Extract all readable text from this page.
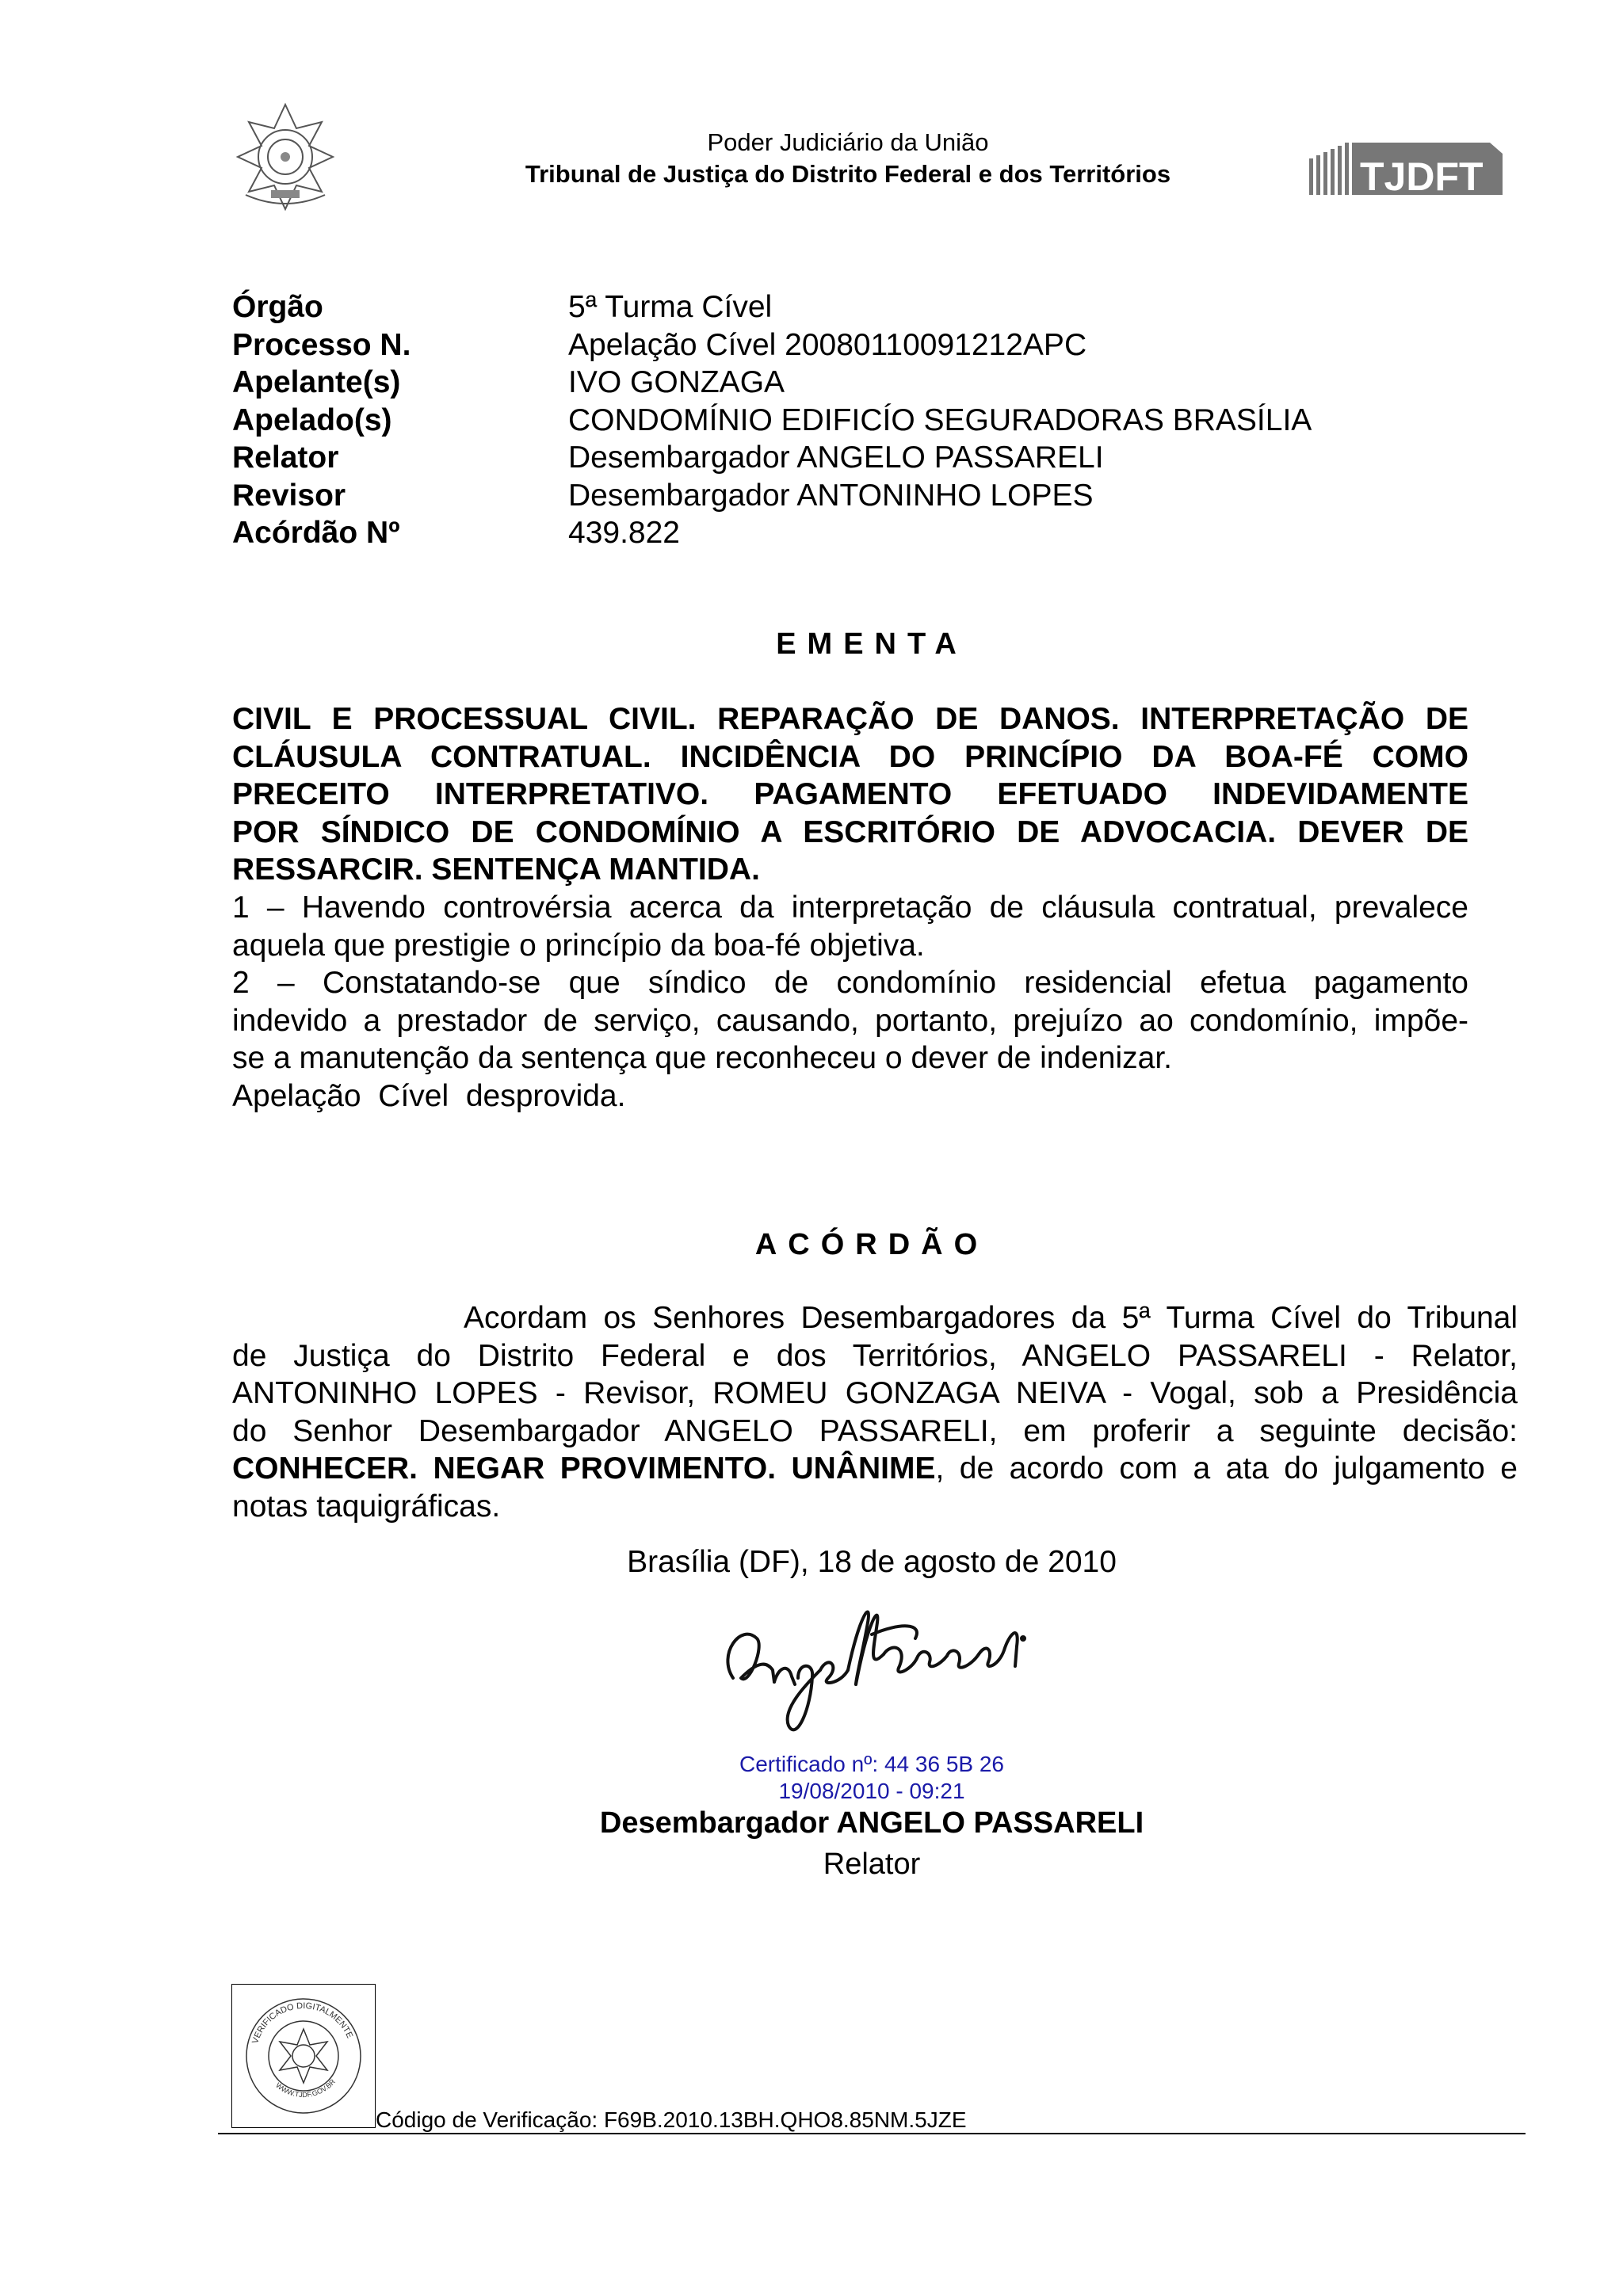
Poder Judiciário da União
Tribunal de Justiça do Distrito Federal e dos Territórios	TJDFT
Órgão	5ª Turma Cível
Processo N.	Apelação Cível 20080110091212APC
Apelante(s)	IVO GONZAGA
Apelado(s)	CONDOMÍNIO EDIFICÍO SEGURADORAS BRASÍLIA
Relator	Desembargador ANGELO PASSARELI
Revisor	Desembargador ANTONINHO LOPES
Acórdão Nº	439.822
EMENTA

CIVIL E PROCESSUAL CIVIL. REPARAÇÃO DE DANOS. INTERPRETAÇÃO DE

CLÁUSULA CONTRATUAL. INCIDÊNCIA DO PRINCÍPIO DA BOA-FÉ COMO

PRECEITO INTERPRETATIVO. PAGAMENTO EFETUADO INDEVIDAMENTE

POR SÍNDICO DE CONDOMÍNIO A ESCRITÓRIO DE ADVOCACIA. DEVER DE

RESSARCIR. SENTENÇA MANTIDA.

1 – Havendo controvérsia acerca da interpretação de cláusula contratual, prevalece

aquela que prestigie o princípio da boa-fé objetiva.

2 – Constatando-se que síndico de condomínio residencial efetua pagamento

indevido a prestador de serviço, causando, portanto, prejuízo ao condomínio, impõe-

se a manutenção da sentença que reconheceu o dever de indenizar.

Apelação  Cível  desprovida.

ACÓRDÃO

Acordam os Senhores Desembargadores da 5ª Turma Cível do Tribunal

de Justiça do Distrito Federal e dos Territórios, ANGELO PASSARELI - Relator,

ANTONINHO LOPES - Revisor, ROMEU GONZAGA NEIVA - Vogal, sob a Presidência

do Senhor Desembargador ANGELO PASSARELI, em proferir a seguinte decisão:

CONHECER. NEGAR PROVIMENTO. UNÂNIME, de acordo com a ata do julgamento e

notas taquigráficas.

Brasília (DF), 18 de agosto de 2010
Certificado nº: 44 36 5B 26
19/08/2010 - 09:21
Desembargador ANGELO PASSARELI
Relator
VERIFICADO DIGITALMENTE
WWW.TJDF.GOV.BR
Código de Verificação: F69B.2010.13BH.QHO8.85NM.5JZE
